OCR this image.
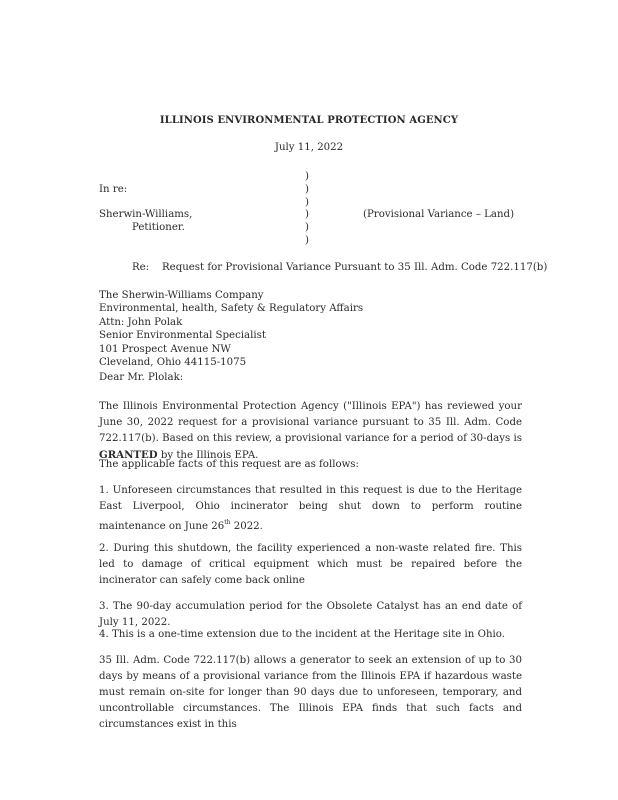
ILLINOIS ENVIRONMENTAL PROTECTION AGENCY
July 11, 2022
)
)
)
)
)
)
In re:
Sherwin-Williams,
Petitioner.
(Provisional Variance – Land)
Re: Request for Provisional Variance Pursuant to 35 Ill. Adm. Code 722.117(b)
The Sherwin-Williams Company
Environmental, health, Safety & Regulatory Affairs
Attn: John Polak
Senior Environmental Specialist
101 Prospect Avenue NW
Cleveland, Ohio 44115-1075
Dear Mr. Plolak:
The Illinois Environmental Protection Agency ("Illinois EPA") has reviewed your June 30, 2022 request for a provisional variance pursuant to 35 Ill. Adm. Code 722.117(b). Based on this review, a provisional variance for a period of 30-days is GRANTED by the Illinois EPA.
The applicable facts of this request are as follows:
1. Unforeseen circumstances that resulted in this request is due to the Heritage East Liverpool, Ohio incinerator being shut down to perform routine maintenance on June 26th 2022.
2. During this shutdown, the facility experienced a non-waste related fire. This led to damage of critical equipment which must be repaired before the incinerator can safely come back online
3. The 90-day accumulation period for the Obsolete Catalyst has an end date of July 11, 2022.
4. This is a one-time extension due to the incident at the Heritage site in Ohio.
35 Ill. Adm. Code 722.117(b) allows a generator to seek an extension of up to 30 days by means of a provisional variance from the Illinois EPA if hazardous waste must remain on-site for longer than 90 days due to unforeseen, temporary, and uncontrollable circumstances. The Illinois EPA finds that such facts and circumstances exist in this
